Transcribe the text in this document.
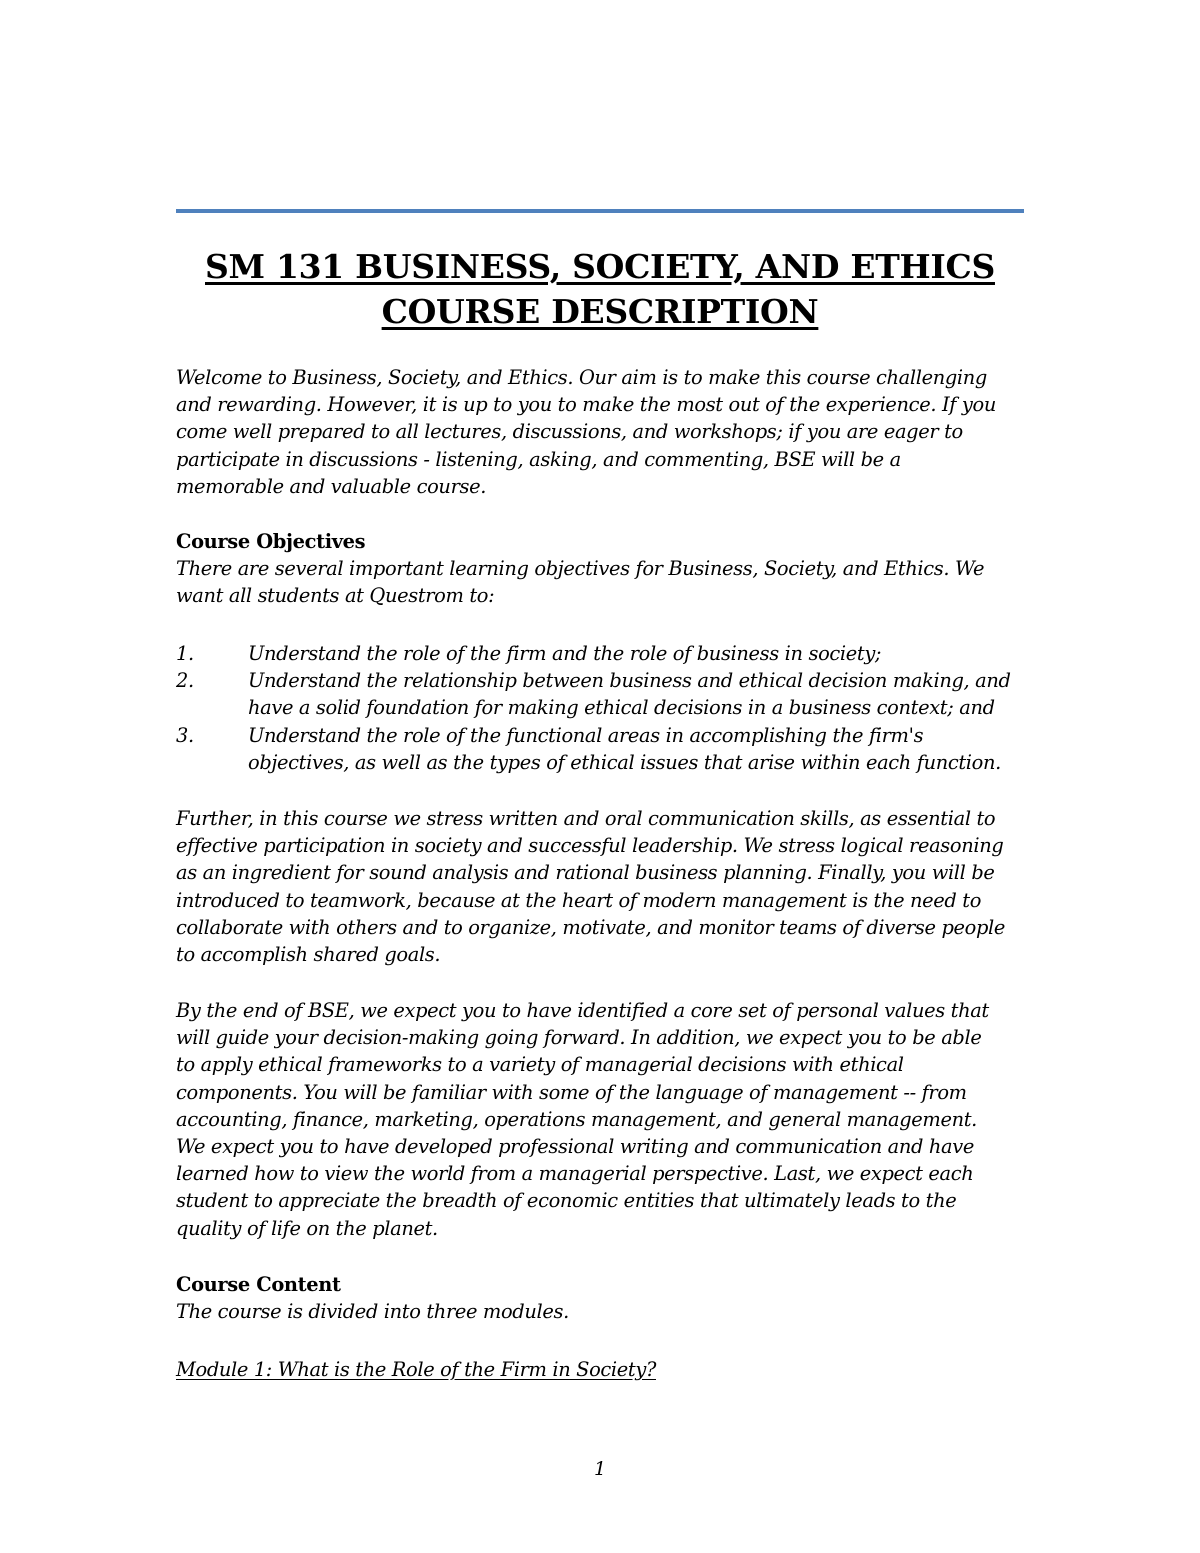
SM 131 BUSINESS, SOCIETY, AND ETHICS
COURSE DESCRIPTION
Welcome to Business, Society, and Ethics. Our aim is to make this course challenging
and rewarding. However, it is up to you to make the most out of the experience. If you
come well prepared to all lectures, discussions, and workshops; if you are eager to
participate in discussions - listening, asking, and commenting, BSE will be a
memorable and valuable course.
Course Objectives
There are several important learning objectives for Business, Society, and Ethics. We
want all students at Questrom to:
1.	Understand the role of the firm and the role of business in society;
2.	Understand the relationship between business and ethical decision making, and
have a solid foundation for making ethical decisions in a business context; and
3.	Understand the role of the functional areas in accomplishing the firm's
objectives, as well as the types of ethical issues that arise within each function.
Further, in this course we stress written and oral communication skills, as essential to
effective participation in society and successful leadership. We stress logical reasoning
as an ingredient for sound analysis and rational business planning. Finally, you will be
introduced to teamwork, because at the heart of modern management is the need to
collaborate with others and to organize, motivate, and monitor teams of diverse people
to accomplish shared goals.
By the end of BSE, we expect you to have identified a core set of personal values that
will guide your decision-making going forward. In addition, we expect you to be able
to apply ethical frameworks to a variety of managerial decisions with ethical
components. You will be familiar with some of the language of management -- from
accounting, finance, marketing, operations management, and general management.
We expect you to have developed professional writing and communication and have
learned how to view the world from a managerial perspective. Last, we expect each
student to appreciate the breadth of economic entities that ultimately leads to the
quality of life on the planet.
Course Content
The course is divided into three modules.
Module 1: What is the Role of the Firm in Society?
1
